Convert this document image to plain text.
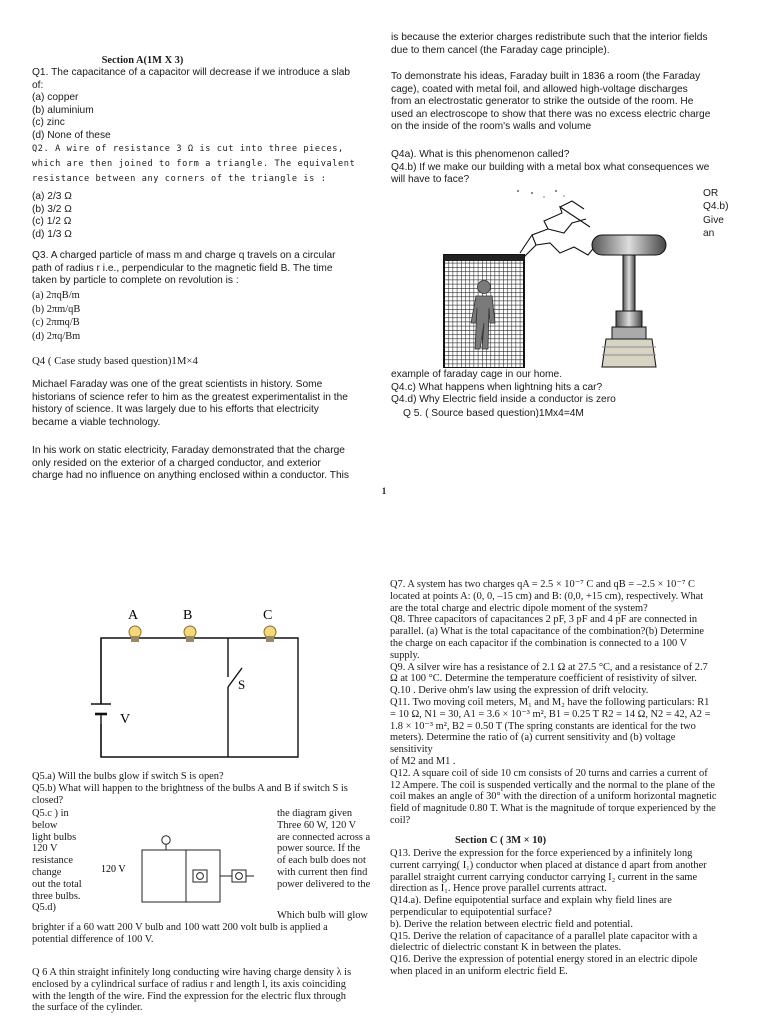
Section A(1M X 3)
Q1. The capacitance of a capacitor will decrease if we introduce a slab
of:
(a) copper
(b) aluminium
(c) zinc
(d) None of these
Q2. A wire of resistance 3 Ω is cut into three pieces,
which are then joined to form a triangle. The equivalent
resistance between any corners of the triangle is :
(a) 2/3 Ω
(b) 3/2 Ω
(c) 1/2 Ω
(d) 1/3 Ω
Q3. A charged particle of mass m and charge q travels on a circular
path of radius r i.e., perpendicular to the magnetic field B. The time
taken by particle to complete on revolution is :
(a) 2πqB/m
(b) 2πm/qB
(c) 2πmq/B
(d) 2πq/Bm
Q4 ( Case study based question)1M×4
Michael Faraday was one of the great scientists in history. Some
historians of science refer to him as the greatest experimentalist in the
history of science. It was largely due to his efforts that electricity
became a viable technology.
In his work on static electricity, Faraday demonstrated that the charge
only resided on the exterior of a charged conductor, and exterior
charge had no influence on anything enclosed within a conductor. This
is because the exterior charges redistribute such that the interior fields
due to them cancel (the Faraday cage principle).
To demonstrate his ideas, Faraday built in 1836 a room (the Faraday
cage), coated with metal foil, and allowed high-voltage discharges
from an electrostatic generator to strike the outside of the room. He
used an electroscope to show that there was no excess electric charge
on the inside of the room's walls and volume
Q4a). What is this phenomenon called?
Q4.b) If we make our building with a metal box what consequences we
will have to face?
OR
Q4.b)
Give
an
example of faraday cage in our home.
Q4.c) What happens when lightning hits a car?
Q4.d) Why Electric field inside a conductor is zero
Q 5. ( Source based question)1Mx4=4M
1
A	B	C
S
V
Q5.a) Will the bulbs glow if switch S is open?
Q5.b) What will happen to the brightness of the bulbs A and B if switch S is
closed?
Q5.c ) in
below
light bulbs
120 V
resistance
change
out the total
three bulbs.
Q5.d)
120 V
the diagram given
Three 60 W, 120 V
are connected across a
power source. If the
of each bulb does not
with current then find
power delivered to the
Which bulb will glow
brighter if a 60 watt 200 V bulb and 100 watt 200 volt bulb is applied a
potential difference of 100 V.
Q 6 A thin straight infinitely long conducting wire having charge density λ is
enclosed by a cylindrical surface of radius r and length l, its axis coinciding
with the length of the wire. Find the expression for the electric flux through
the surface of the cylinder.
Q7. A system has two charges qA = 2.5 × 10⁻⁷ C and qB = –2.5 × 10⁻⁷ C
located at points A: (0, 0, –15 cm) and B: (0,0, +15 cm), respectively. What
are the total charge and electric dipole moment of the system?
Q8. Three capacitors of capacitances 2 pF, 3 pF and 4 pF are connected in
parallel. (a) What is the total capacitance of the combination?(b) Determine
the charge on each capacitor if the combination is connected to a 100 V
supply.
Q9. A silver wire has a resistance of 2.1 Ω at 27.5 °C, and a resistance of 2.7
Ω at 100 °C. Determine the temperature coefficient of resistivity of silver.
Q.10 . Derive ohm's law using the expression of drift velocity.
Q11. Two moving coil meters, M₁ and M₂ have the following particulars: R1
= 10 Ω, N1 = 30, A1 = 3.6 × 10⁻³ m², B1 = 0.25 T R2 = 14 Ω, N2 = 42, A2 =
1.8 × 10⁻³ m², B2 = 0.50 T (The spring constants are identical for the two
meters). Determine the ratio of (a) current sensitivity and (b) voltage
sensitivity
of M2 and M1 .
Q12. A square coil of side 10 cm consists of 20 turns and carries a current of
12 Ampere. The coil is suspended vertically and the normal to the plane of the
coil makes an angle of 30° with the direction of a uniform horizontal magnetic
field of magnitude 0.80 T. What is the magnitude of torque experienced by the
coil?
Section C ( 3M × 10)
Q13. Derive the expression for the force experienced by a infinitely long
current carrying( I₁) conductor when placed at distance d apart from another
parallel straight current carrying conductor carrying I₂ current in the same
direction as I₁. Hence prove parallel currents attract.
Q14.a). Define equipotential surface and explain why field lines are
perpendicular to equipotential surface?
b). Derive the relation between electric field and potential.
Q15. Derive the relation of capacitance of a parallel plate capacitor with a
dielectric of dielectric constant K in between the plates.
Q16. Derive the expression of potential energy stored in an electric dipole
when placed in an uniform electric field E.
